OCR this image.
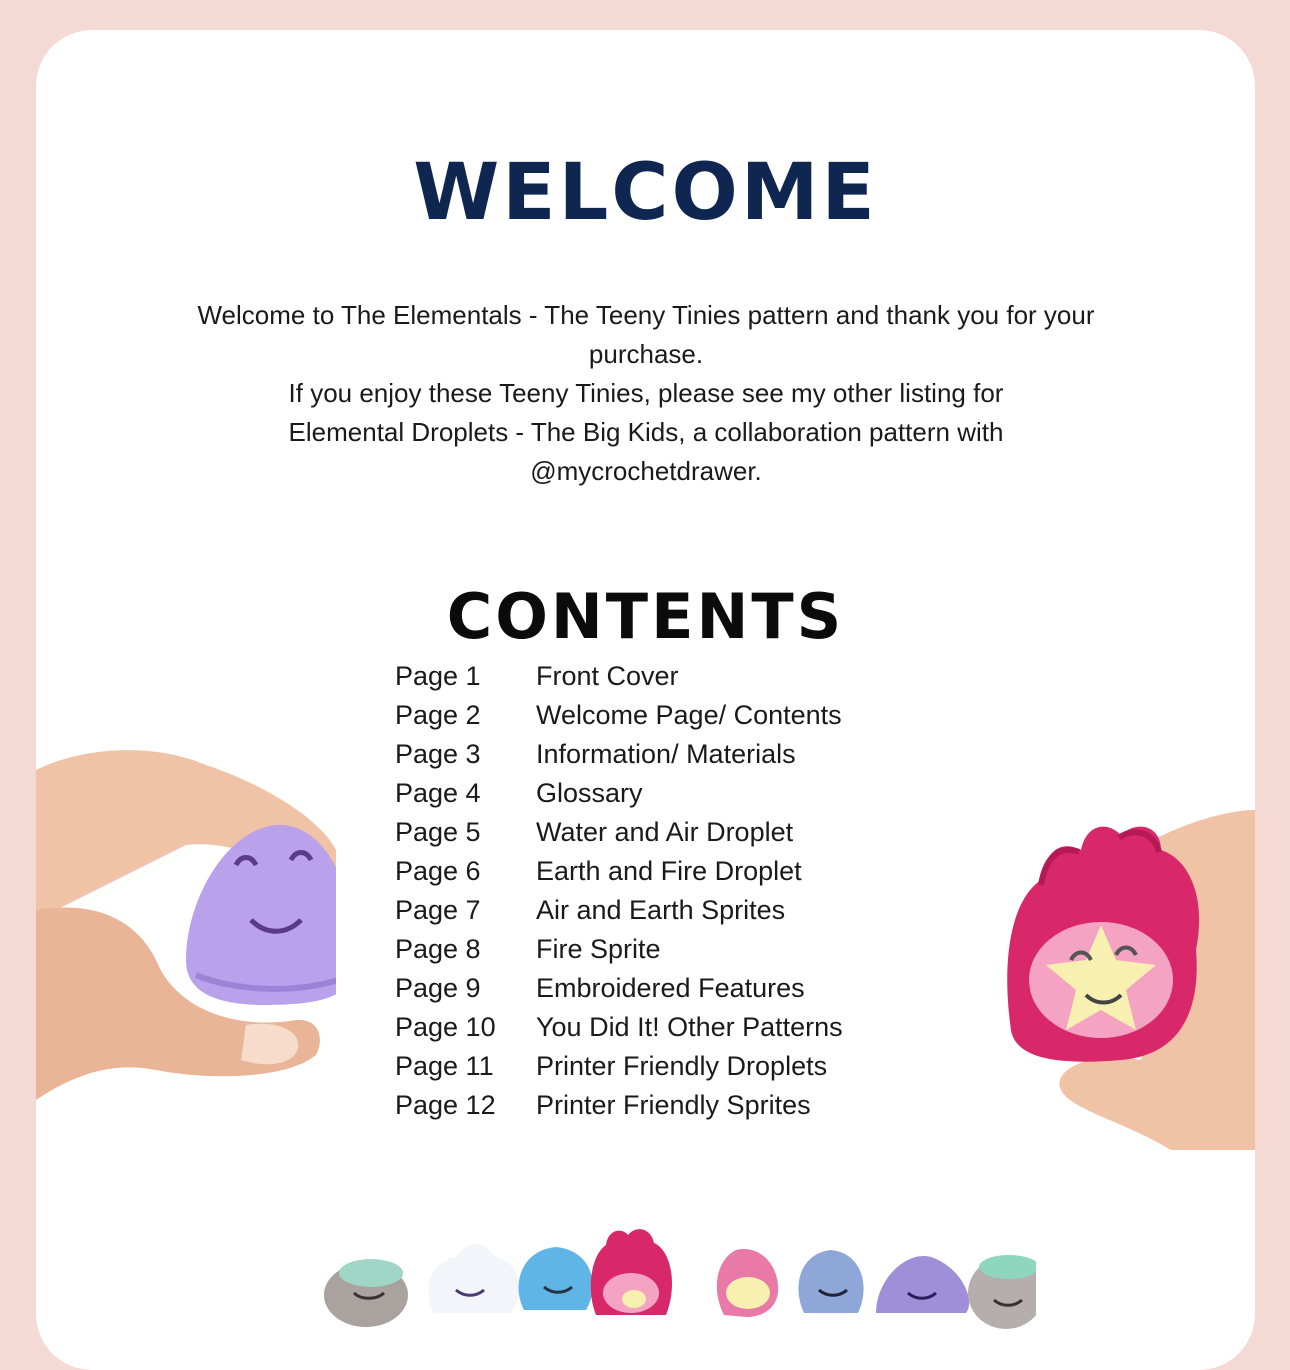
WELCOME

Welcome to The Elementals - The Teeny Tinies pattern and thank you for your purchase.

If you enjoy these Teeny Tinies, please see my other listing for

Elemental Droplets - The Big Kids, a collaboration pattern with

@mycrochetdrawer.

CONTENTS
Page 1 Front Cover
Page 2 Welcome Page/ Contents
Page 3 Information/ Materials
Page 4 Glossary
Page 5 Water and Air Droplet
Page 6 Earth and Fire Droplet
Page 7 Air and Earth Sprites
Page 8 Fire Sprite
Page 9 Embroidered Features
Page 10 You Did It! Other Patterns
Page 11 Printer Friendly Droplets
Page 12 Printer Friendly Sprites
